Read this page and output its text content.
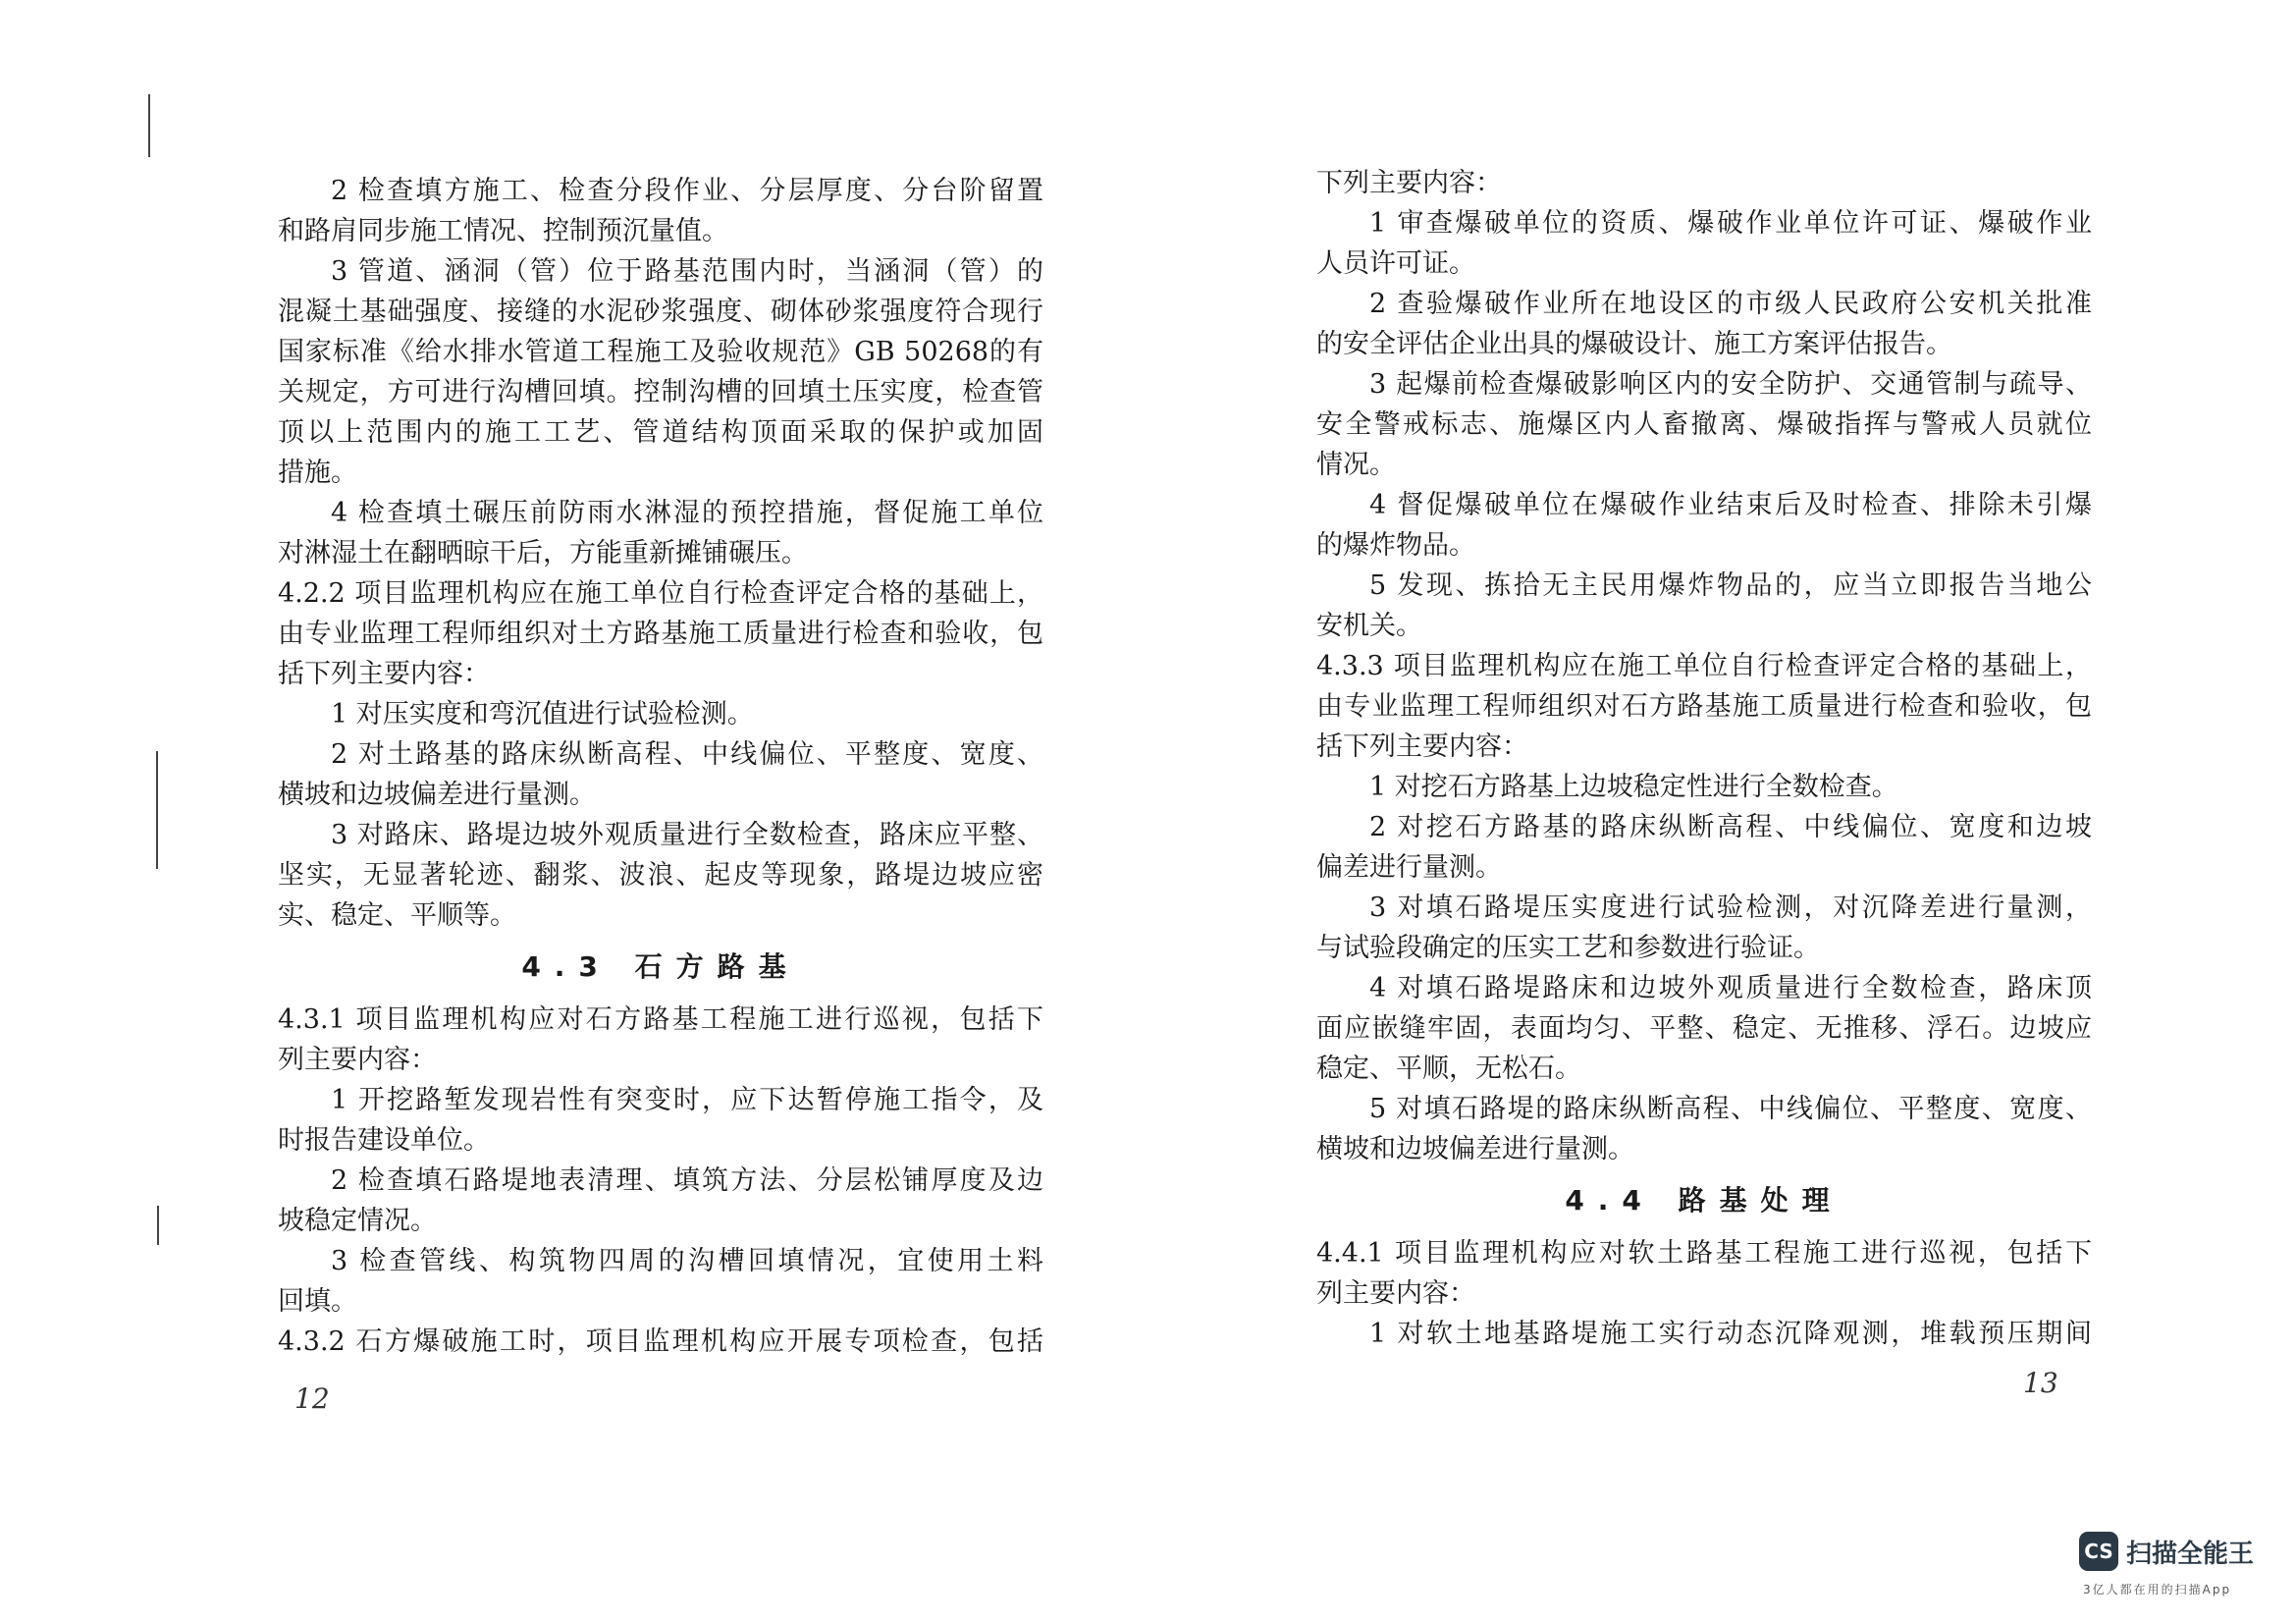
2 检查填方施工、检查分段作业、分层厚度、分台阶留置
和路肩同步施工情况、控制预沉量值。
3 管道、涵洞（管）位于路基范围内时，当涵洞（管）的
混凝土基础强度、接缝的水泥砂浆强度、砌体砂浆强度符合现行
国家标准《给水排水管道工程施工及验收规范》GB 50268的有
关规定，方可进行沟槽回填。控制沟槽的回填土压实度，检查管
顶以上范围内的施工工艺、管道结构顶面采取的保护或加固
措施。
4 检查填土碾压前防雨水淋湿的预控措施，督促施工单位
对淋湿土在翻晒晾干后，方能重新摊铺碾压。
4.2.2 项目监理机构应在施工单位自行检查评定合格的基础上，
由专业监理工程师组织对土方路基施工质量进行检查和验收，包
括下列主要内容：
1 对压实度和弯沉值进行试验检测。
2 对土路基的路床纵断高程、中线偏位、平整度、宽度、
横坡和边坡偏差进行量测。
3 对路床、路堤边坡外观质量进行全数检查，路床应平整、
坚实，无显著轮迹、翻浆、波浪、起皮等现象，路堤边坡应密
实、稳定、平顺等。
4.3 石方路基
4.3.1 项目监理机构应对石方路基工程施工进行巡视，包括下
列主要内容：
1 开挖路堑发现岩性有突变时，应下达暂停施工指令，及
时报告建设单位。
2 检查填石路堤地表清理、填筑方法、分层松铺厚度及边
坡稳定情况。
3 检查管线、构筑物四周的沟槽回填情况，宜使用土料
回填。
4.3.2 石方爆破施工时，项目监理机构应开展专项检查，包括
12
下列主要内容：
1 审查爆破单位的资质、爆破作业单位许可证、爆破作业
人员许可证。
2 查验爆破作业所在地设区的市级人民政府公安机关批准
的安全评估企业出具的爆破设计、施工方案评估报告。
3 起爆前检查爆破影响区内的安全防护、交通管制与疏导、
安全警戒标志、施爆区内人畜撤离、爆破指挥与警戒人员就位
情况。
4 督促爆破单位在爆破作业结束后及时检查、排除未引爆
的爆炸物品。
5 发现、拣拾无主民用爆炸物品的，应当立即报告当地公
安机关。
4.3.3 项目监理机构应在施工单位自行检查评定合格的基础上，
由专业监理工程师组织对石方路基施工质量进行检查和验收，包
括下列主要内容：
1 对挖石方路基上边坡稳定性进行全数检查。
2 对挖石方路基的路床纵断高程、中线偏位、宽度和边坡
偏差进行量测。
3 对填石路堤压实度进行试验检测，对沉降差进行量测，
与试验段确定的压实工艺和参数进行验证。
4 对填石路堤路床和边坡外观质量进行全数检查，路床顶
面应嵌缝牢固，表面均匀、平整、稳定、无推移、浮石。边坡应
稳定、平顺，无松石。
5 对填石路堤的路床纵断高程、中线偏位、平整度、宽度、
横坡和边坡偏差进行量测。
4.4 路基处理
4.4.1 项目监理机构应对软土路基工程施工进行巡视，包括下
列主要内容：
1 对软土地基路堤施工实行动态沉降观测，堆载预压期间
13
CS 扫描全能王
3亿人都在用的扫描App
